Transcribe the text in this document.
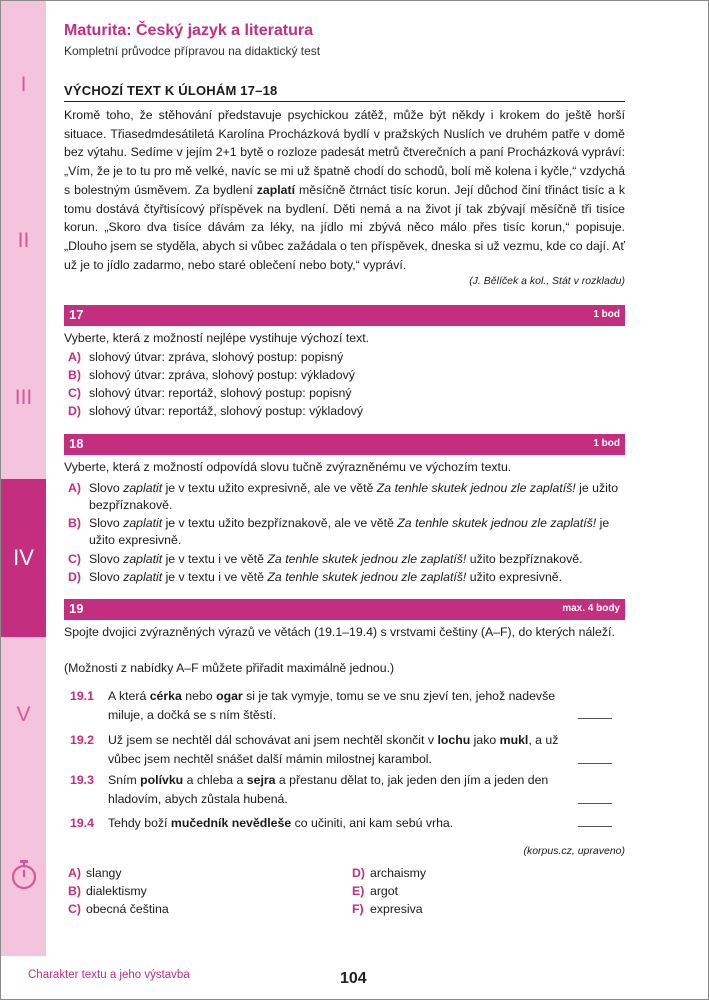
I
II
III
IV
V
Maturita: Český jazyk a literatura
Kompletní průvodce přípravou na didaktický test
VÝCHOZÍ TEXT K ÚLOHÁM 17–18
Kromě toho, že stěhování představuje psychickou zátěž, může být někdy i krokem do ještě horší situace. Třiasedmdesátiletá Karolína Procházková bydlí v pražských Nuslích ve druhém patře v domě bez výtahu. Sedíme v jejím 2+1 bytě o rozloze padesát metrů čtverečních a paní Procházková vypráví: „Vím, že je to tu pro mě velké, navíc se mi už špatně chodí do schodů, bolí mě kolena i kyčle,“ vzdychá s bolestným úsměvem. Za bydlení zaplatí měsíčně čtrnáct tisíc korun. Její důchod činí třináct tisíc a k tomu dostává čtyřtisícový příspěvek na bydlení. Děti nemá a na život jí tak zbývají měsíčně tři tisíce korun. „Skoro dva tisíce dávám za léky, na jídlo mi zbývá něco málo přes tisíc korun,“ popisuje. „Dlouho jsem se styděla, abych si vůbec zažádala o ten příspěvek, dneska si už vezmu, kde co dají. Ať už je to jídlo zadarmo, nebo staré oblečení nebo boty,“ vypráví.
(J. Bělíček a kol., Stát v rozkladu)
17	1 bod
Vyberte, která z možností nejlépe vystihuje výchozí text.
A) slohový útvar: zpráva, slohový postup: popisný
B) slohový útvar: zpráva, slohový postup: výkladový
C) slohový útvar: reportáž, slohový postup: popisný
D) slohový útvar: reportáž, slohový postup: výkladový
18	1 bod
Vyberte, která z možností odpovídá slovu tučně zvýrazněnému ve výchozím textu.
A) Slovo zaplatit je v textu užito expresivně, ale ve větě Za tenhle skutek jednou zle zaplatíš! je užito bezpříznakově.
B) Slovo zaplatit je v textu užito bezpříznakově, ale ve větě Za tenhle skutek jednou zle zaplatíš! je užito expresivně.
C) Slovo zaplatit je v textu i ve větě Za tenhle skutek jednou zle zaplatíš! užito bezpříznakově.
D) Slovo zaplatit je v textu i ve větě Za tenhle skutek jednou zle zaplatíš! užito expresivně.
19	max. 4 body
Spojte dvojici zvýrazněných výrazů ve větách (19.1–19.4) s vrstvami češtiny (A–F), do kterých náleží.
(Možnosti z nabídky A–F můžete přiřadit maximálně jednou.)
19.1 A která cérka nebo ogar si je tak vymyje, tomu se ve snu zjeví ten, jehož nadevše miluje, a dočká se s ním štěstí.
19.2 Už jsem se nechtěl dál schovávat ani jsem nechtěl skončit v lochu jako mukl, a už vůbec jsem nechtěl snášet další mámin milostnej karambol.
19.3 Sním polívku a chleba a sejra a přestanu dělat to, jak jeden den jím a jeden den hladovím, abych zůstala hubená.
19.4 Tehdy boží mučedník nevědleše co učiniti, ani kam sebú vrha.
(korpus.cz, upraveno)
A) slangy
B) dialektismy
C) obecná čeština
D) archaismy
E) argot
F) expresiva
Charakter textu a jeho výstavba	104
